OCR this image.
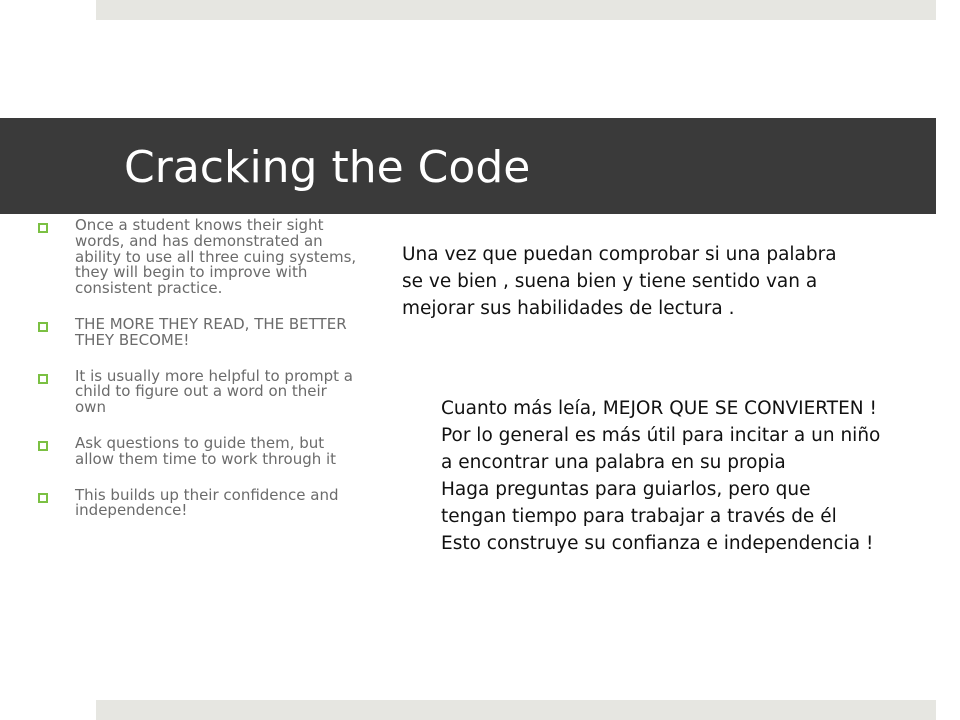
Cracking the Code
Once a student knows their sight words, and has demonstrated an ability to use all three cuing systems, they will begin to improve with consistent practice.
THE MORE THEY READ, THE BETTER THEY BECOME!
It is usually more helpful to prompt a child to figure out a word on their own
Ask questions to guide them, but allow them time to work through it
This builds up their confidence and independence!

Una vez que puedan comprobar si una palabra se ve bien , suena bien y tiene sentido van a mejorar sus habilidades de lectura .

Cuanto más leía, MEJOR QUE SE CONVIERTEN !
Por lo general es más útil para incitar a un niño a encontrar una palabra en su propia
Haga preguntas para guiarlos, pero que tengan tiempo para trabajar a través de él
Esto construye su confianza e independencia !
